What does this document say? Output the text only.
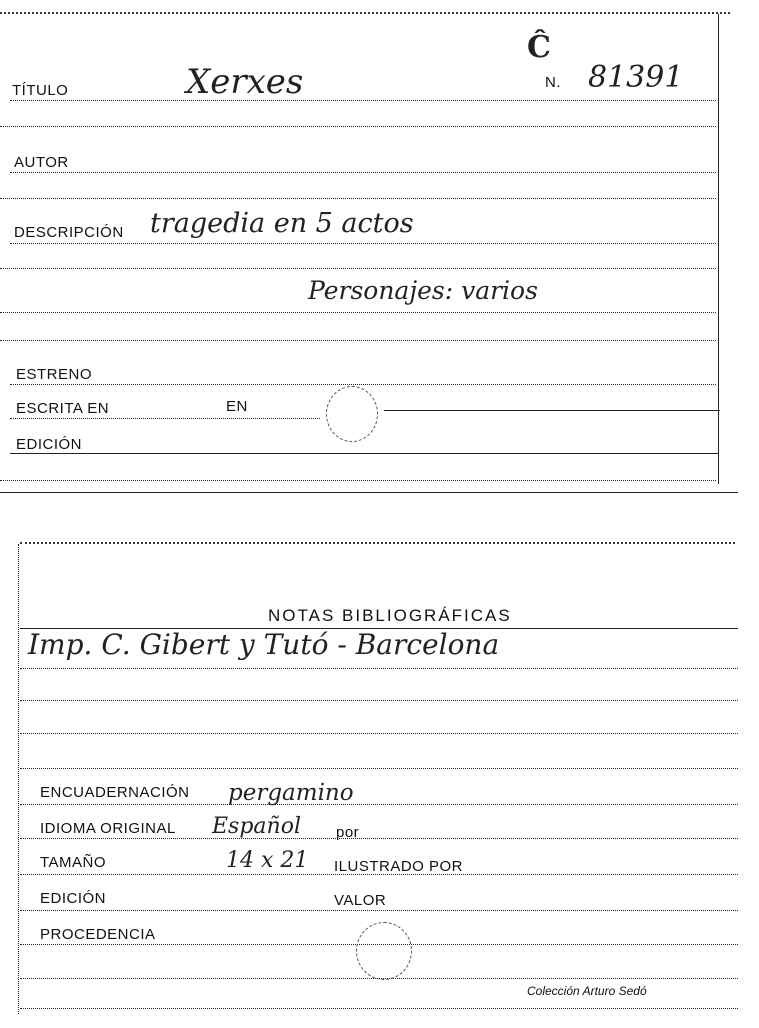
Ĉ
TÍTULO	Xerxes	N. 81391
AUTOR
DESCRIPCIÓN tragedia en 5 actos
Personajes: varios
ESTRENO
ESCRITA EN	EN
EDICIÓN
NOTAS BIBLIOGRÁFICAS
Imp. C. Gibert y Tutó - Barcelona
ENCUADERNACIÓN pergamino
IDIOMA ORIGINAL Español por
TAMAÑO	14 x 21 ILUSTRADO POR
EDICIÓN	VALOR
PROCEDENCIA
Colección Arturo Sedó
